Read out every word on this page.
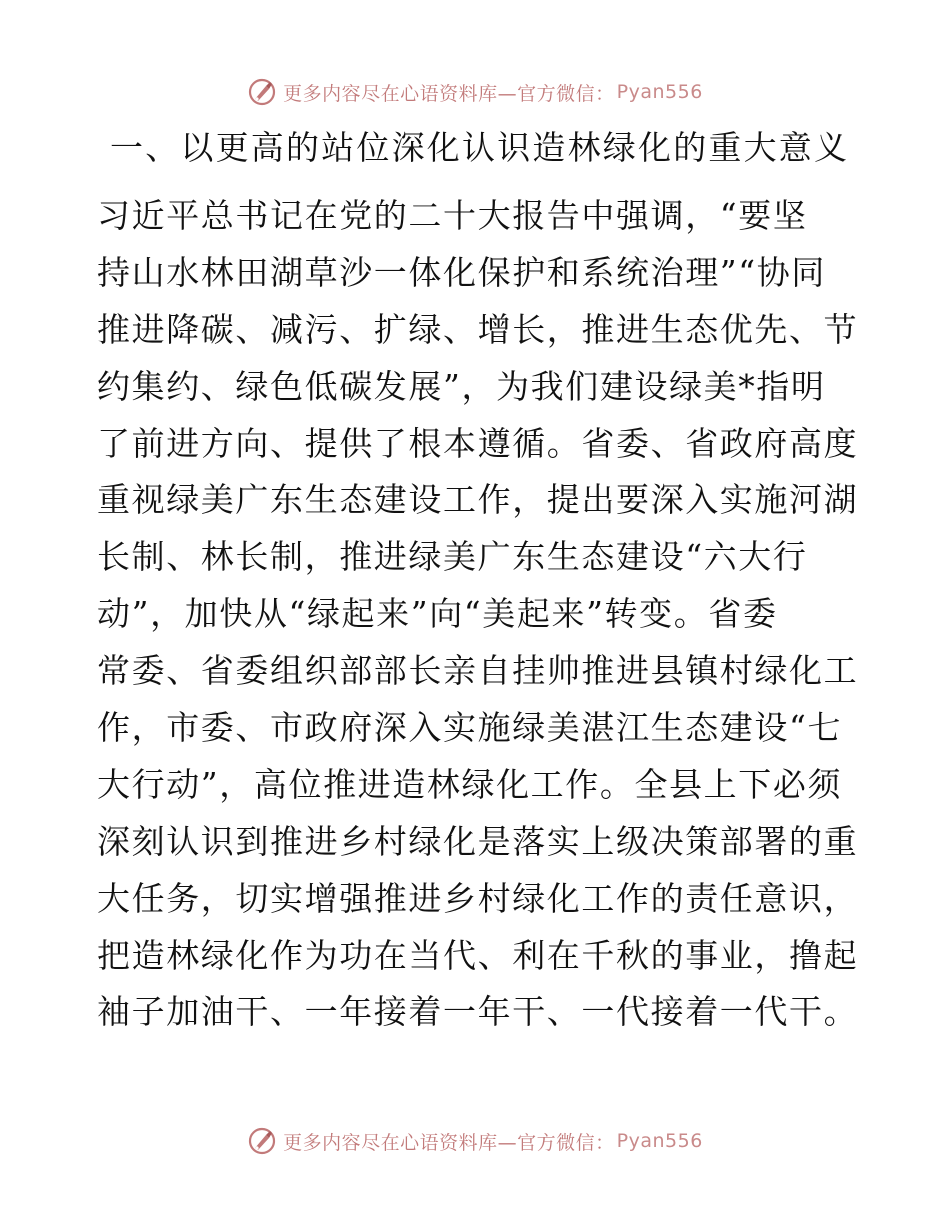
更多内容尽在心语资料库—官方微信： Pyan556
一、以更高的站位深化认识造林绿化的重大意义
习近平总书记在党的二十大报告中强调，“要坚
持山水林田湖草沙一体化保护和系统治理”“协同
推进降碳、减污、扩绿、增长，推进生态优先、节
约集约、绿色低碳发展”，为我们建设绿美*指明
了前进方向、提供了根本遵循。省委、省政府高度
重视绿美广东生态建设工作，提出要深入实施河湖
长制、林长制，推进绿美广东生态建设“六大行
动”，加快从“绿起来”向“美起来”转变。省委
常委、省委组织部部长亲自挂帅推进县镇村绿化工
作，市委、市政府深入实施绿美湛江生态建设“七
大行动”，高位推进造林绿化工作。全县上下必须
深刻认识到推进乡村绿化是落实上级决策部署的重
大任务，切实增强推进乡村绿化工作的责任意识，
把造林绿化作为功在当代、利在千秋的事业，撸起
袖子加油干、一年接着一年干、一代接着一代干。
更多内容尽在心语资料库—官方微信： Pyan556
